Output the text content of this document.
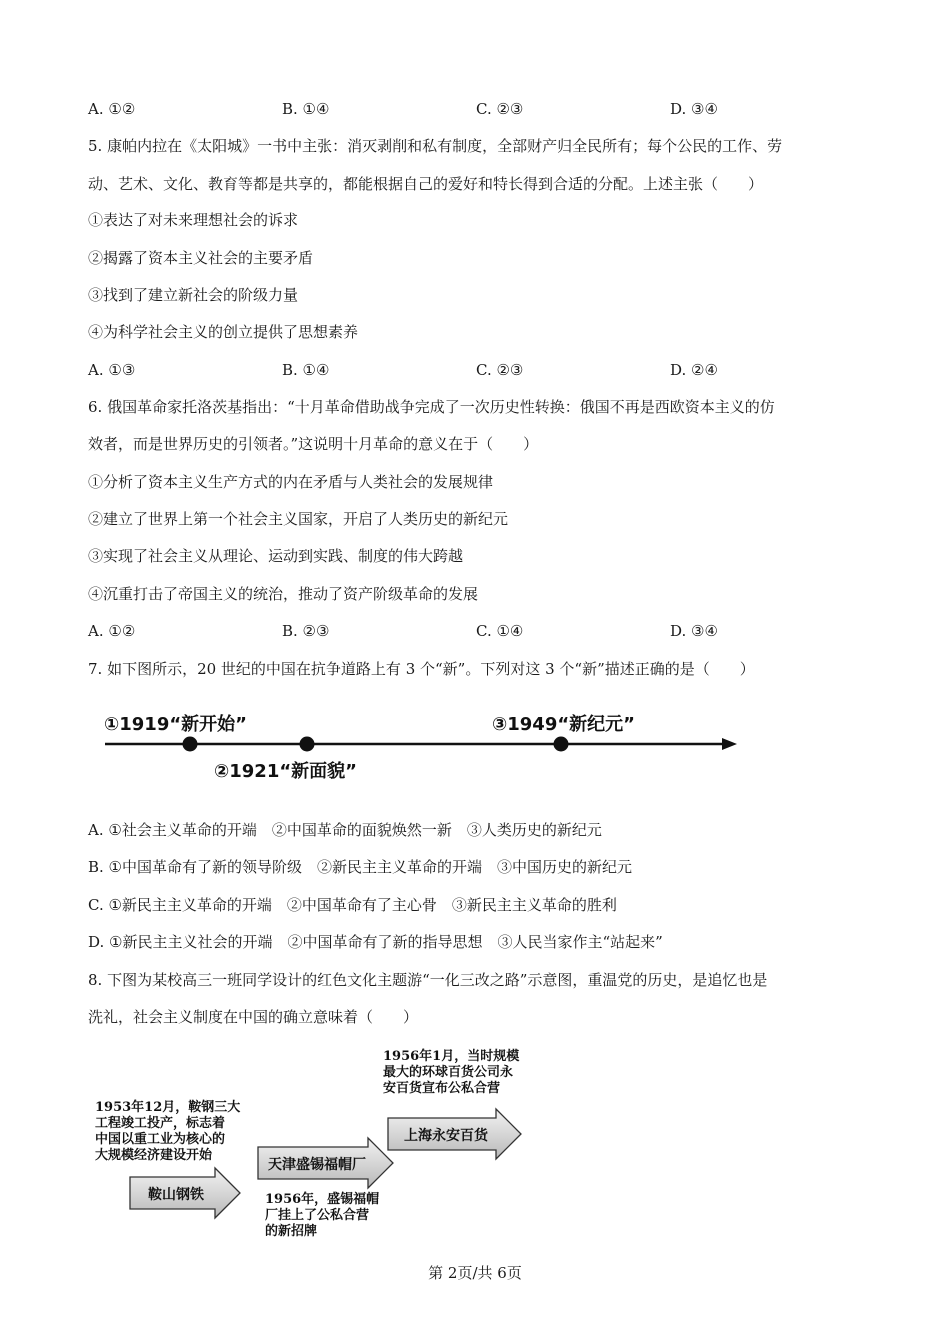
A. ①②	B. ①④	C. ②③	D. ③④
5. 康帕内拉在《太阳城》一书中主张：消灭剥削和私有制度，全部财产归全民所有；每个公民的工作、劳
动、艺术、文化、教育等都是共享的，都能根据自己的爱好和特长得到合适的分配。上述主张（　　）
①表达了对未来理想社会的诉求
②揭露了资本主义社会的主要矛盾
③找到了建立新社会的阶级力量
④为科学社会主义的创立提供了思想素养
A. ①③	B. ①④	C. ②③	D. ②④
6. 俄国革命家托洛茨基指出：“十月革命借助战争完成了一次历史性转换：俄国不再是西欧资本主义的仿
效者，而是世界历史的引领者。”这说明十月革命的意义在于（　　）
①分析了资本主义生产方式的内在矛盾与人类社会的发展规律
②建立了世界上第一个社会主义国家，开启了人类历史的新纪元
③实现了社会主义从理论、运动到实践、制度的伟大跨越
④沉重打击了帝国主义的统治，推动了资产阶级革命的发展
A. ①②	B. ②③	C. ①④	D. ③④
7. 如下图所示，20 世纪的中国在抗争道路上有 3 个“新”。下列对这 3 个“新”描述正确的是（　　）
①1919“新开始”
②1921“新面貌”
③1949“新纪元”
A. ①社会主义革命的开端　②中国革命的面貌焕然一新　③人类历史的新纪元
B. ①中国革命有了新的领导阶级　②新民主主义革命的开端　③中国历史的新纪元
C. ①新民主主义革命的开端　②中国革命有了主心骨　③新民主主义革命的胜利
D. ①新民主主义社会的开端　②中国革命有了新的指导思想　③人民当家作主“站起来”
8. 下图为某校高三一班同学设计的红色文化主题游“一化三改之路”示意图，重温党的历史，是追忆也是
洗礼，社会主义制度在中国的确立意味着（　　）
鞍山钢铁
天津盛锡福帽厂
上海永安百货
1953年12月，鞍钢三大
工程竣工投产，标志着
中国以重工业为核心的
大规模经济建设开始
1956年，盛锡福帽
厂挂上了公私合营
的新招牌
1956年1月，当时规模
最大的环球百货公司永
安百货宣布公私合营
第 2页/共 6页
